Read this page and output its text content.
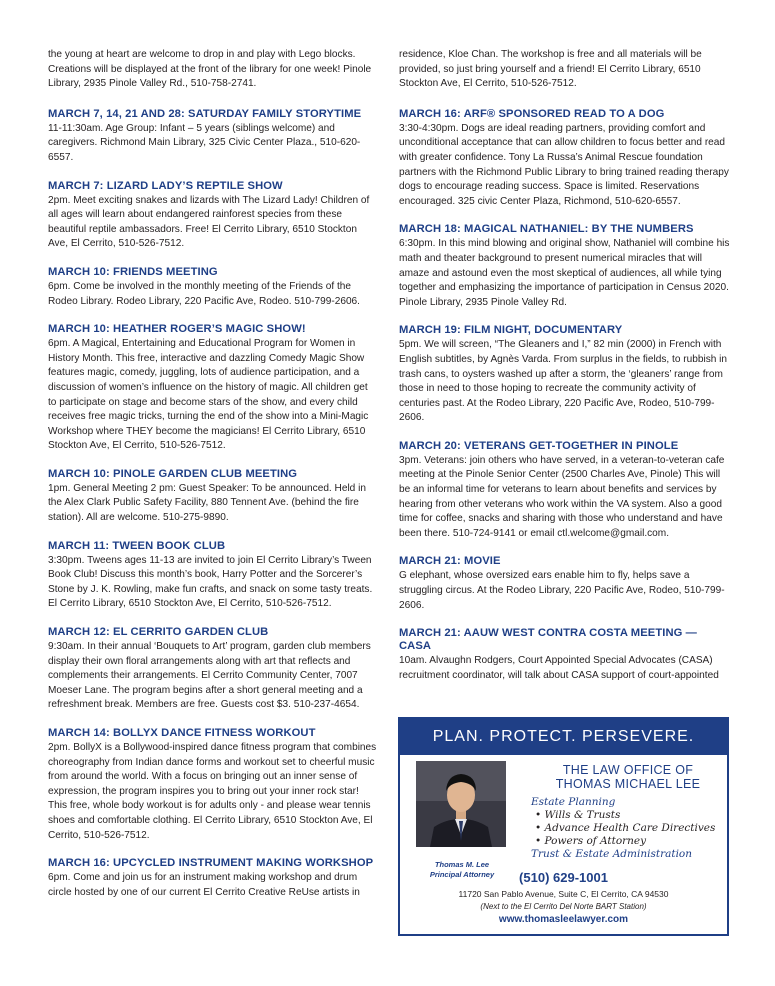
the young at heart are welcome to drop in and play with Lego blocks. Creations will be displayed at the front of the library for one week! Pinole Library, 2935 Pinole Valley Rd., 510-758-2741.

MARCH 7, 14, 21 AND 28: SATURDAY FAMILY STORYTIME

11-11:30am. Age Group: Infant – 5 years (siblings welcome) and caregivers. Richmond Main Library, 325 Civic Center Plaza., 510-620-6557.

MARCH 7: LIZARD LADY’S REPTILE SHOW

2pm. Meet exciting snakes and lizards with The Lizard Lady! Children of all ages will learn about endangered rainforest species from these beautiful reptile ambassadors. Free! El Cerrito Library, 6510 Stockton Ave, El Cerrito, 510-526-7512.

MARCH 10: FRIENDS MEETING

6pm. Come be involved in the monthly meeting of the Friends of the Rodeo Library. Rodeo Library, 220 Pacific Ave, Rodeo. 510-799-2606.

MARCH 10: HEATHER ROGER’S MAGIC SHOW!

6pm. A Magical, Entertaining and Educational Program for Women in History Month. This free, interactive and dazzling Comedy Magic Show features magic, comedy, juggling, lots of audience participation, and a discussion of women’s influence on the history of magic. All children get to participate on stage and become stars of the show, and every child receives free magic tricks, turning the end of the show into a Mini-Magic Workshop where THEY become the magicians! El Cerrito Library, 6510 Stockton Ave, El Cerrito, 510-526-7512.

MARCH 10: PINOLE GARDEN CLUB MEETING

1pm. General Meeting 2 pm: Guest Speaker: To be announced. Held in the Alex Clark Public Safety Facility, 880 Tennent Ave. (behind the fire station). All are welcome. 510-275-9890.

MARCH 11: TWEEN BOOK CLUB

3:30pm. Tweens ages 11-13 are invited to join El Cerrito Library’s Tween Book Club! Discuss this month’s book, Harry Potter and the Sorcerer’s Stone by J. K. Rowling, make fun crafts, and snack on some tasty treats. El Cerrito Library, 6510 Stockton Ave, El Cerrito, 510-526-7512.

MARCH 12: EL CERRITO GARDEN CLUB

9:30am. In their annual ‘Bouquets to Art’ program, garden club members display their own floral arrangements along with art that reflects and complements their arrangements. El Cerrito Community Center, 7007 Moeser Lane. The program begins after a short general meeting and a refreshment break. Members are free. Guests cost $3. 510-237-4654.

MARCH 14: BOLLYX DANCE FITNESS WORKOUT

2pm. BollyX is a Bollywood-inspired dance fitness program that combines choreography from Indian dance forms and workout set to cheerful music from around the world. With a focus on bringing out an inner sense of expression, the program inspires you to bring out your inner rock star! This free, whole body workout is for adults only - and please wear tennis shoes and comfortable clothing. El Cerrito Library, 6510 Stockton Ave, El Cerrito, 510-526-7512.

MARCH 16: UPCYCLED INSTRUMENT MAKING WORKSHOP

6pm. Come and join us for an instrument making workshop and drum circle hosted by one of our current El Cerrito Creative ReUse artists in

residence, Kloe Chan. The workshop is free and all materials will be provided, so just bring yourself and a friend! El Cerrito Library, 6510 Stockton Ave, El Cerrito, 510-526-7512.

MARCH 16: ARF® SPONSORED READ TO A DOG

3:30-4:30pm. Dogs are ideal reading partners, providing comfort and unconditional acceptance that can allow children to focus better and read with greater confidence. Tony La Russa’s Animal Rescue foundation partners with the Richmond Public Library to bring trained reading therapy dogs to encourage reading success. Space is limited. Reservations encouraged. 325 civic Center Plaza, Richmond, 510-620-6557.

MARCH 18: MAGICAL NATHANIEL: BY THE NUMBERS

6:30pm. In this mind blowing and original show, Nathaniel will combine his math and theater background to present numerical miracles that will amaze and astound even the most skeptical of audiences, all while tying together and emphasizing the importance of participation in Census 2020. Pinole Library, 2935 Pinole Valley Rd.

MARCH 19: FILM NIGHT, DOCUMENTARY

5pm. We will screen, “The Gleaners and I,” 82 min (2000) in French with English subtitles, by Agnès Varda. From surplus in the fields, to rubbish in trash cans, to oysters washed up after a storm, the ‘gleaners’ range from those in need to those hoping to recreate the community activity of centuries past. At the Rodeo Library, 220 Pacific Ave, Rodeo, 510-799-2606.

MARCH 20: VETERANS GET-TOGETHER IN PINOLE

3pm. Veterans: join others who have served, in a veteran-to-veteran cafe meeting at the Pinole Senior Center (2500 Charles Ave, Pinole) This will be an informal time for veterans to learn about benefits and services by hearing from other veterans who work within the VA system. Also a good time for coffee, snacks and sharing with those who understand and have been there. 510-724-9141 or email ctl.welcome@gmail.com.

MARCH 21: MOVIE

G elephant, whose oversized ears enable him to fly, helps save a struggling circus. At the Rodeo Library, 220 Pacific Ave, Rodeo, 510-799-2606.

MARCH 21: AAUW WEST CONTRA COSTA MEETING — CASA

10am. Alvaughn Rodgers, Court Appointed Special Advocates (CASA) recruitment coordinator, will talk about CASA support of court-appointed

PLAN. PROTECT. PERSEVERE.
Thomas M. Lee
Principal Attorney
THE LAW OFFICE OF
THOMAS MICHAEL LEE
Estate Planning
• Wills & Trusts
• Advance Health Care Directives
• Powers of Attorney
Trust & Estate Administration
(510) 629-1001
11720 San Pablo Avenue, Suite C, El Cerrito, CA 94530
(Next to the El Cerrito Del Norte BART Station)
www.thomasleelawyer.com
